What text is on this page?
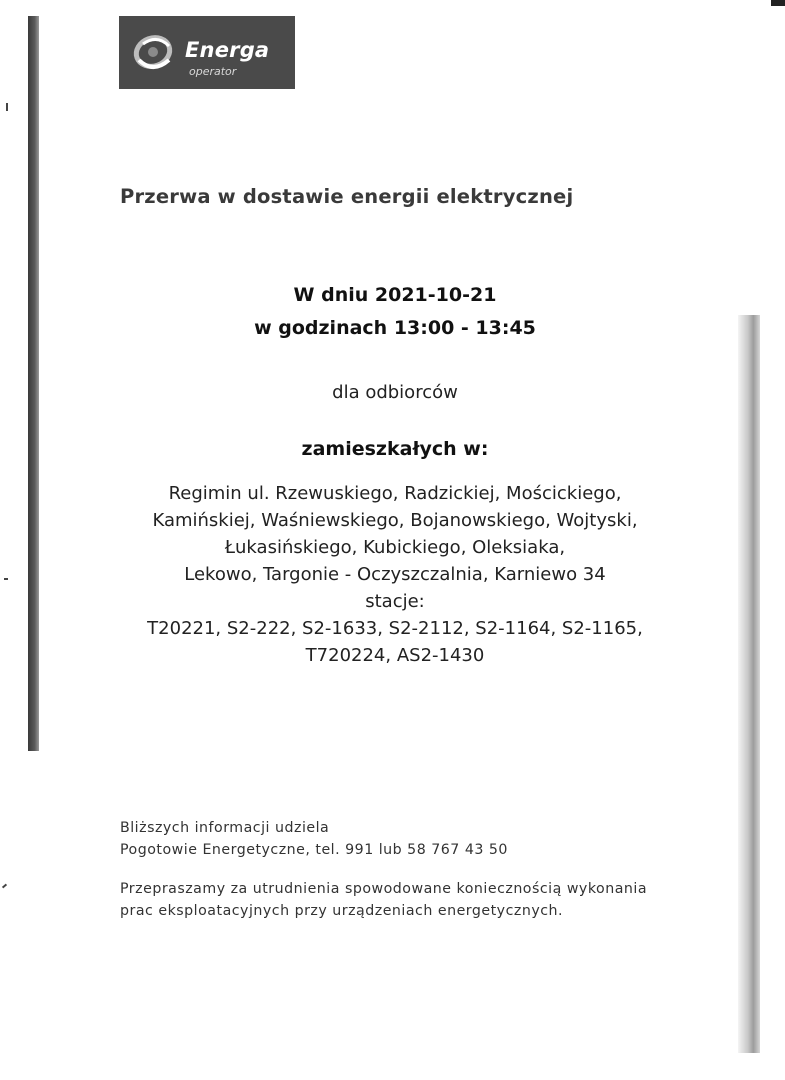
Energa
operator
Przerwa w dostawie energii elektrycznej
W dniu 2021-10-21
w godzinach 13:00 - 13:45
dla odbiorców
zamieszkałych w:
Regimin ul. Rzewuskiego, Radzickiej, Mościckiego,
Kamińskiej, Waśniewskiego, Bojanowskiego, Wojtyski,
Łukasińskiego, Kubickiego, Oleksiaka,
Lekowo, Targonie - Oczyszczalnia, Karniewo 34
stacje:
T20221, S2-222, S2-1633, S2-2112, S2-1164, S2-1165,
T720224, AS2-1430
Bliższych informacji udziela
Pogotowie Energetyczne, tel. 991 lub 58 767 43 50
Przepraszamy za utrudnienia spowodowane koniecznością wykonania
prac eksploatacyjnych przy urządzeniach energetycznych.
